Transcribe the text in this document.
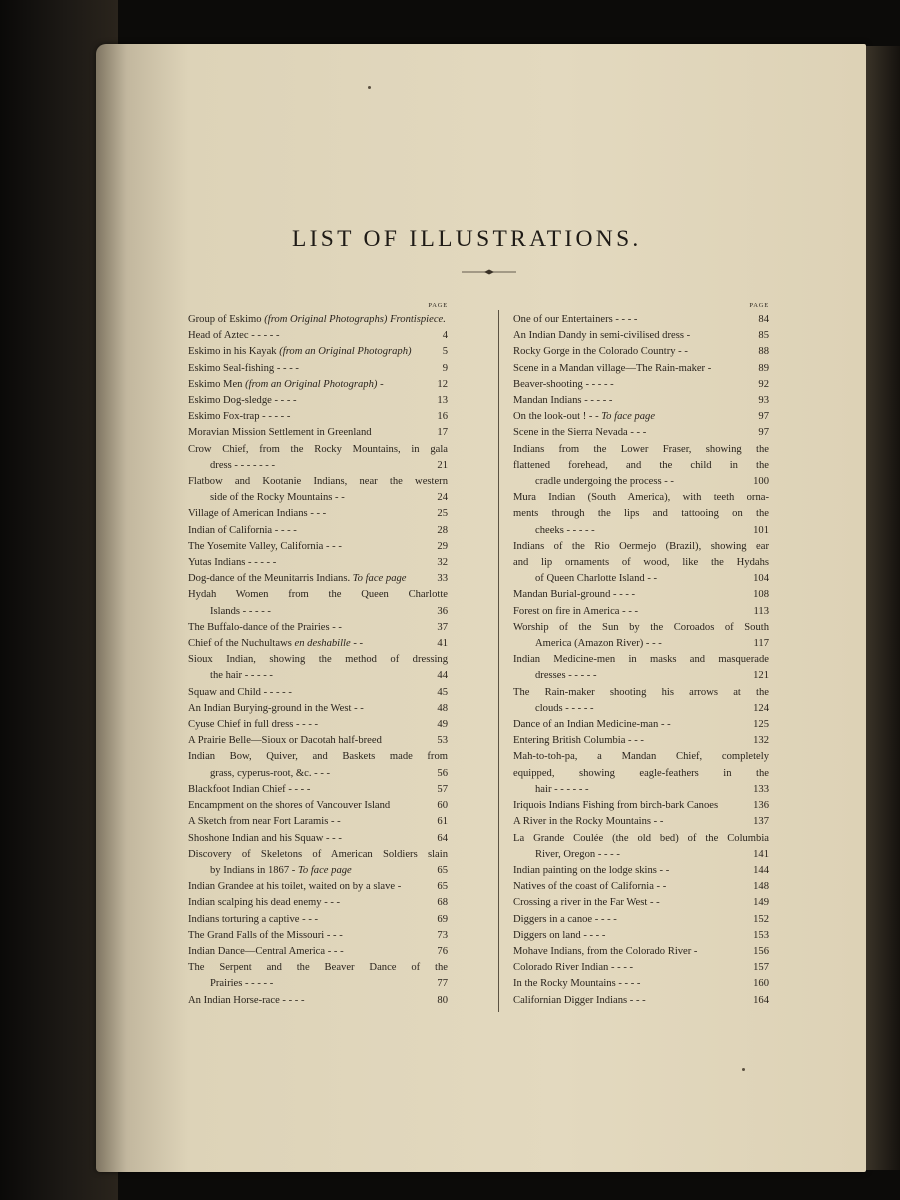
LIST OF ILLUSTRATIONS.
PAGE
Group of Eskimo (from Original Photographs) Frontispiece.
Head of Aztec - - - - -	4
Eskimo in his Kayak (from an Original Photograph)	5
Eskimo Seal-fishing - - - -	9
Eskimo Men (from an Original Photograph) -	12
Eskimo Dog-sledge - - - -	13
Eskimo Fox-trap - - - - -	16
Moravian Mission Settlement in Greenland	17
Crow Chief, from the Rocky Mountains, in gala
dress - - - - - - -	21
Flatbow and Kootanie Indians, near the western
side of the Rocky Mountains - -	24
Village of American Indians - - -	25
Indian of California - - - -	28
The Yosemite Valley, California - - -	29
Yutas Indians - - - - -	32
Dog-dance of the Meunitarris Indians. To face page	33
Hydah Women from the Queen Charlotte
Islands - - - - -	36
The Buffalo-dance of the Prairies - -	37
Chief of the Nuchultaws en deshabille - -	41
Sioux Indian, showing the method of dressing
the hair - - - - -	44
Squaw and Child - - - - -	45
An Indian Burying-ground in the West - -	48
Cyuse Chief in full dress - - - -	49
A Prairie Belle—Sioux or Dacotah half-breed	53
Indian Bow, Quiver, and Baskets made from
grass, cyperus-root, &c. - - -	56
Blackfoot Indian Chief - - - -	57
Encampment on the shores of Vancouver Island	60
A Sketch from near Fort Laramis - -	61
Shoshone Indian and his Squaw - - -	64
Discovery of Skeletons of American Soldiers slain
by Indians in 1867 - To face page	65
Indian Grandee at his toilet, waited on by a slave -	65
Indian scalping his dead enemy - - -	68
Indians torturing a captive - - -	69
The Grand Falls of the Missouri - - -	73
Indian Dance—Central America - - -	76
The Serpent and the Beaver Dance of the
Prairies - - - - -	77
An Indian Horse-race - - - -	80
PAGE
One of our Entertainers - - - -	84
An Indian Dandy in semi-civilised dress -	85
Rocky Gorge in the Colorado Country - -	88
Scene in a Mandan village—The Rain-maker -	89
Beaver-shooting - - - - -	92
Mandan Indians - - - - -	93
On the look-out ! - - To face page	97
Scene in the Sierra Nevada - - -	97
Indians from the Lower Fraser, showing the
flattened forehead, and the child in the
cradle undergoing the process - -	100
Mura Indian (South America), with teeth orna-
ments through the lips and tattooing on the
cheeks - - - - -	101
Indians of the Rio Oermejo (Brazil), showing ear
and lip ornaments of wood, like the Hydahs
of Queen Charlotte Island - -	104
Mandan Burial-ground - - - -	108
Forest on fire in America - - -	113
Worship of the Sun by the Coroados of South
America (Amazon River) - - -	117
Indian Medicine-men in masks and masquerade
dresses - - - - -	121
The Rain-maker shooting his arrows at the
clouds - - - - -	124
Dance of an Indian Medicine-man - -	125
Entering British Columbia - - -	132
Mah-to-toh-pa, a Mandan Chief, completely
equipped, showing eagle-feathers in the
hair - - - - - -	133
Iriquois Indians Fishing from birch-bark Canoes	136
A River in the Rocky Mountains - -	137
La Grande Coulée (the old bed) of the Columbia
River, Oregon - - - -	141
Indian painting on the lodge skins - -	144
Natives of the coast of California - -	148
Crossing a river in the Far West - -	149
Diggers in a canoe - - - -	152
Diggers on land - - - -	153
Mohave Indians, from the Colorado River -	156
Colorado River Indian - - - -	157
In the Rocky Mountains - - - -	160
Californian Digger Indians - - -	164
